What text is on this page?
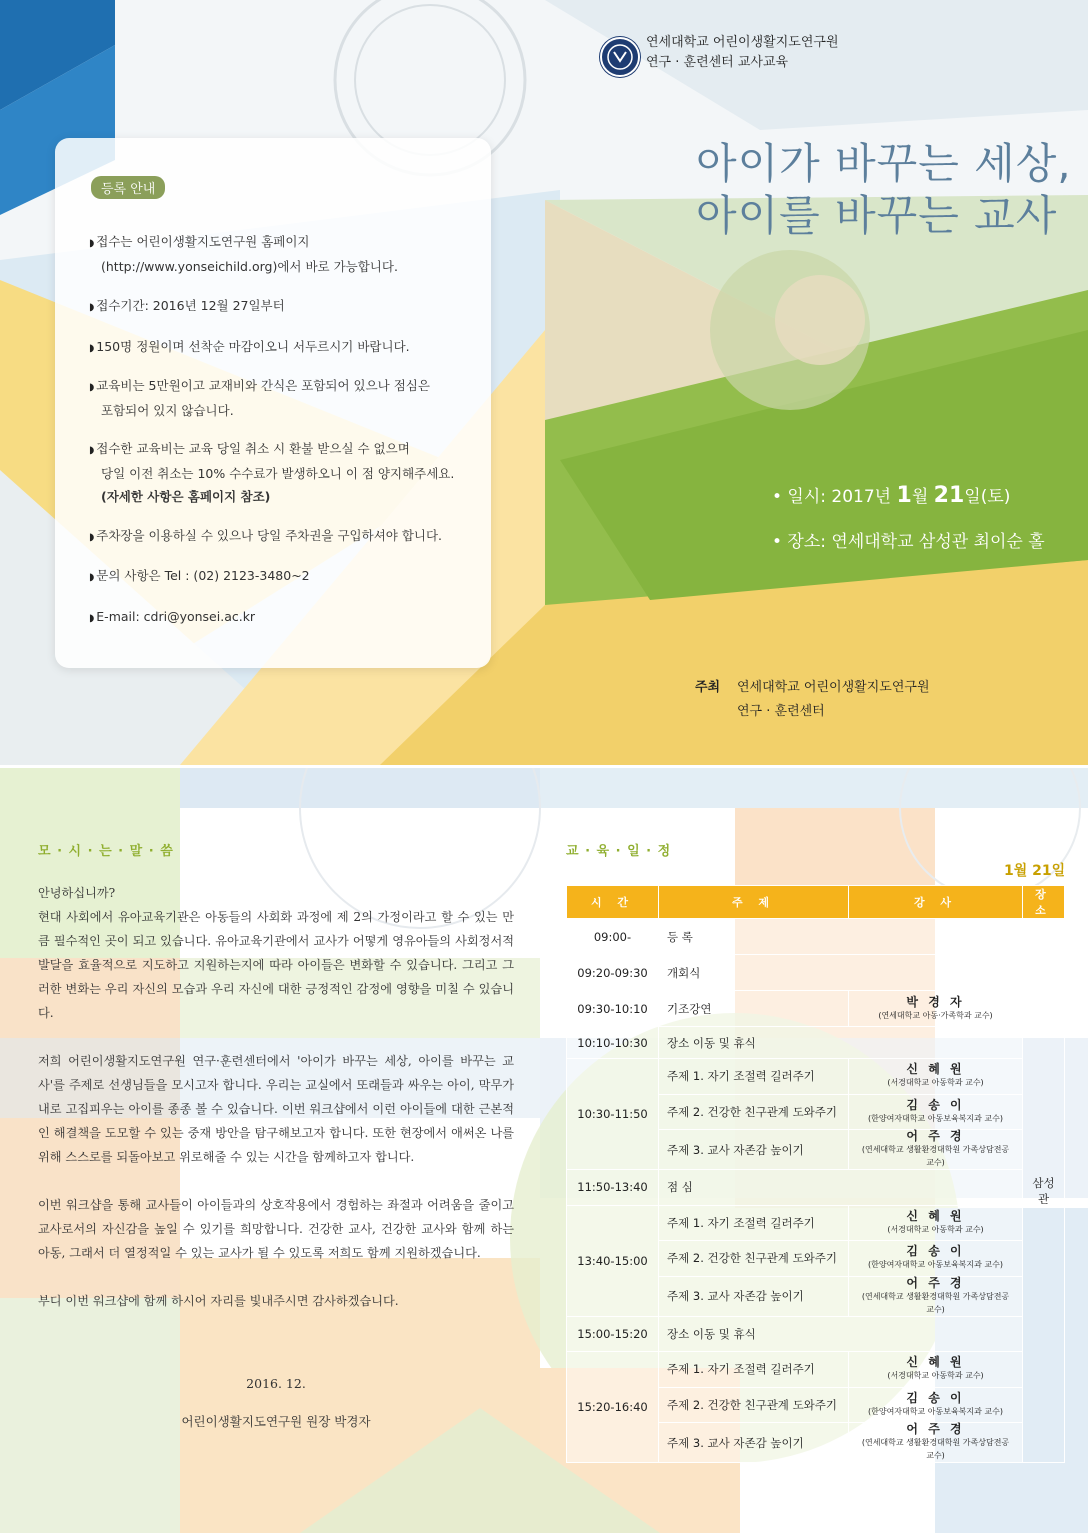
연세대학교 어린이생활지도연구원
연구 · 훈련센터 교사교육
아이가 바꾸는 세상,
아이를 바꾸는 교사
등록 안내
◗ 접수는 어린이생활지도연구원 홈페이지
(http://www.yonseichild.org)에서 바로 가능합니다.
◗ 접수기간: 2016년 12월 27일부터
◗ 150명 정원이며 선착순 마감이오니 서두르시기 바랍니다.
◗ 교육비는 5만원이고 교재비와 간식은 포함되어 있으나 점심은
포함되어 있지 않습니다.
◗ 접수한 교육비는 교육 당일 취소 시 환불 받으실 수 없으며
당일 이전 취소는 10% 수수료가 발생하오니 이 점 양지해주세요.
(자세한 사항은 홈페이지 참조)
◗ 주차장을 이용하실 수 있으나 당일 주차권을 구입하셔야 합니다.
◗ 문의 사항은 Tel : (02) 2123-3480~2
◗ E-mail: cdri@yonsei.ac.kr
• 일시: 2017년 1월 21일(토)
• 장소: 연세대학교 삼성관 최이순 홀
주최 연세대학교 어린이생활지도연구원
연구 · 훈련센터
모 · 시 · 는 · 말 · 씀

안녕하십니까?
현대 사회에서 유아교육기관은 아동들의 사회화 과정에 제 2의 가정이라고 할 수 있는 만큼 필수적인 곳이 되고 있습니다. 유아교육기관에서 교사가 어떻게 영유아들의 사회정서적 발달을 효율적으로 지도하고 지원하는지에 따라 아이들은 변화할 수 있습니다. 그리고 그러한 변화는 우리 자신의 모습과 우리 자신에 대한 긍정적인 감정에 영향을 미칠 수 있습니다.

저희 어린이생활지도연구원 연구·훈련센터에서 '아이가 바꾸는 세상, 아이를 바꾸는 교사'를 주제로 선생님들을 모시고자 합니다. 우리는 교실에서 또래들과 싸우는 아이, 막무가내로 고집피우는 아이를 종종 볼 수 있습니다. 이번 워크샵에서 이런 아이들에 대한 근본적인 해결책을 도모할 수 있는 중재 방안을 탐구해보고자 합니다. 또한 현장에서 애써온 나를 위해 스스로를 되돌아보고 위로해줄 수 있는 시간을 함께하고자 합니다.

이번 워크샵을 통해 교사들이 아이들과의 상호작용에서 경험하는 좌절과 어려움을 줄이고 교사로서의 자신감을 높일 수 있기를 희망합니다. 건강한 교사, 건강한 교사와 함께 하는 아동, 그래서 더 열정적일 수 있는 교사가 될 수 있도록 저희도 함께 지원하겠습니다.

부디 이번 워크샵에 함께 하시어 자리를 빛내주시면 감사하겠습니다.

2016. 12.
어린이생활지도연구원 원장 박경자
교 · 육 · 일 · 정
1월 21일
시 간	주 제	강 사	장 소
09:00-	등 록		삼성관
09:20-09:30	개회식		
09:30-10:10	기조강연	박 경 자
(연세대학교 아동·가족학과 교수)	

10:10-10:30	장소 이동 및 휴식		
10:30-11:50	주제 1. 자기 조절력 길러주기	신 혜 원
(서경대학교 아동학과 교수)	

	주제 2. 건강한 친구관계 도와주기	김 송 이
(한양여자대학교 아동보육복지과 교수)	

	주제 3. 교사 자존감 높이기	어 주 경
(연세대학교 생활환경대학원 가족상담전공 교수)	

11:50-13:40	점 심		
13:40-15:00	주제 1. 자기 조절력 길러주기	신 혜 원
(서경대학교 아동학과 교수)	

	주제 2. 건강한 친구관계 도와주기	김 송 이
(한양여자대학교 아동보육복지과 교수)	

	주제 3. 교사 자존감 높이기	어 주 경
(연세대학교 생활환경대학원 가족상담전공 교수)	

15:00-15:20	장소 이동 및 휴식		
15:20-16:40	주제 1. 자기 조절력 길러주기	신 혜 원
(서경대학교 아동학과 교수)	

	주제 2. 건강한 친구관계 도와주기	김 송 이
(한양여자대학교 아동보육복지과 교수)	

	주제 3. 교사 자존감 높이기	어 주 경
(연세대학교 생활환경대학원 가족상담전공 교수)	
